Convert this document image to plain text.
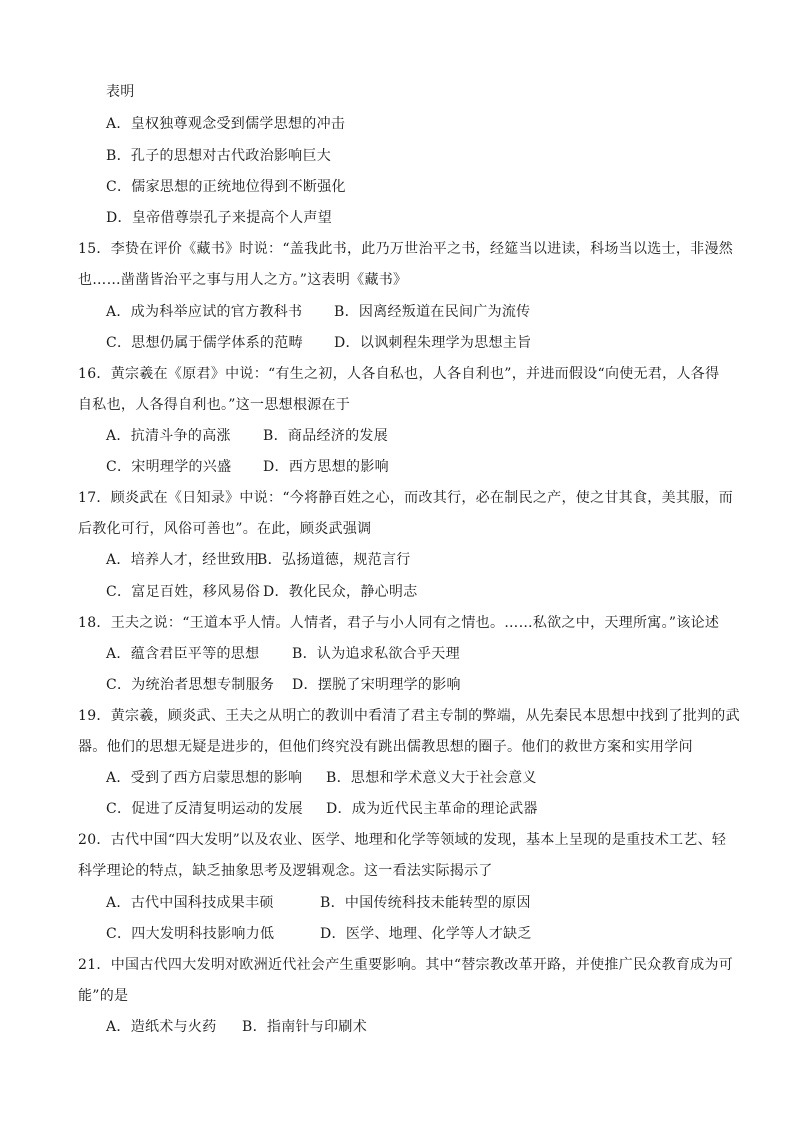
表明
A．皇权独尊观念受到儒学思想的冲击
B．孔子的思想对古代政治影响巨大
C．儒家思想的正统地位得到不断强化
D．皇帝借尊崇孔子来提高个人声望
15．李贽在评价《藏书》时说：“盖我此书，此乃万世治平之书，经筵当以进读，科场当以选士，非漫然
也……凿凿皆治平之事与用人之方。”这表明《藏书》
A．成为科举应试的官方教科书 B．因离经叛道在民间广为流传
C．思想仍属于儒学体系的范畴 D．以讽刺程朱理学为思想主旨
16．黄宗羲在《原君》中说：“有生之初，人各自私也，人各自利也”，并进而假设“向使无君，人各得
自私也，人各得自利也。”这一思想根源在于
A．抗清斗争的高涨 B．商品经济的发展
C．宋明理学的兴盛 D．西方思想的影响
17．顾炎武在《日知录》中说：“今将静百姓之心，而改其行，必在制民之产，使之甘其食，美其服，而
后教化可行，风俗可善也”。在此，顾炎武强调
A．培养人才，经世致用
B．弘扬道德，规范言行
C．富足百姓，移风易俗 D．教化民众，静心明志
18．王夫之说：“王道本乎人情。人情者，君子与小人同有之情也。……私欲之中，天理所寓。”该论述
A．蕴含君臣平等的思想 B．认为追求私欲合乎天理
C．为统治者思想专制服务 D．摆脱了宋明理学的影响
19．黄宗羲，顾炎武、王夫之从明亡的教训中看清了君主专制的弊端，从先秦民本思想中找到了批判的武
器。他们的思想无疑是进步的，但他们终究没有跳出儒教思想的圈子。他们的救世方案和实用学问
A．受到了西方启蒙思想的影响 B．思想和学术意义大于社会意义
C．促进了反清复明运动的发展 D．成为近代民主革命的理论武器
20．古代中国“四大发明”以及农业、医学、地理和化学等领域的发现，基本上呈现的是重技术工艺、轻
科学理论的特点，缺乏抽象思考及逻辑观念。这一看法实际揭示了
A．古代中国科技成果丰硕	B．中国传统科技未能转型的原因
C．四大发明科技影响力低	D．医学、地理、化学等人才缺乏
21．中国古代四大发明对欧洲近代社会产生重要影响。其中“替宗教改革开路，并使推广民众教育成为可
能”的是
A．造纸术与火药 B．指南针与印刷术
